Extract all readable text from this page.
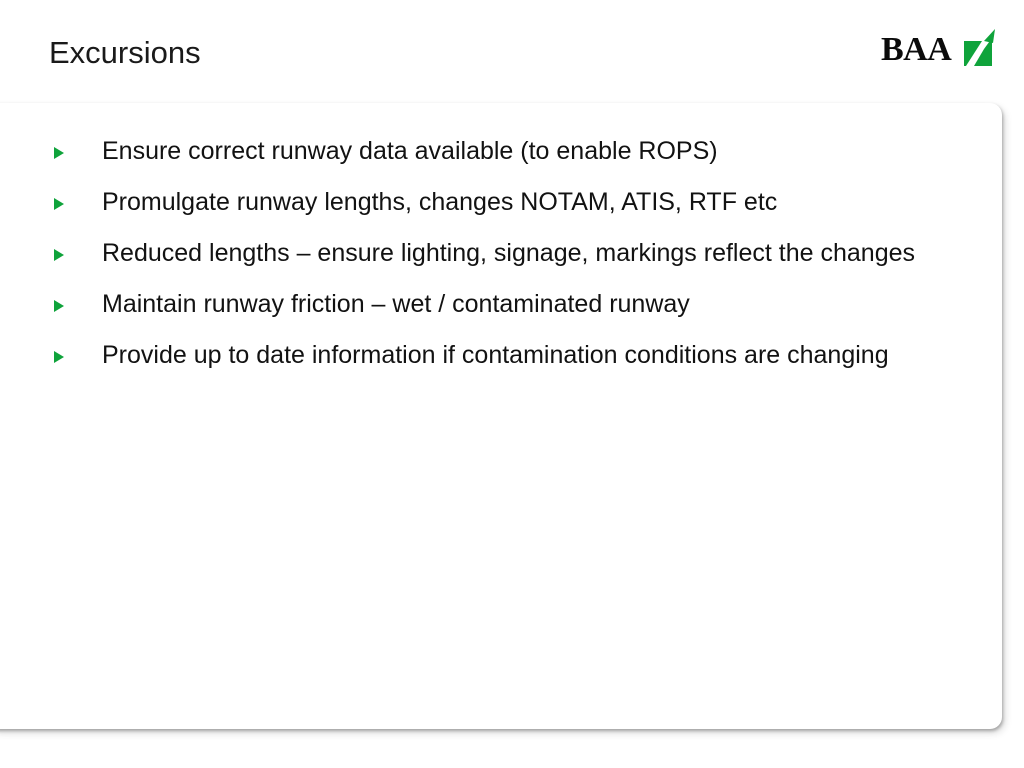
Excursions	BAA
Ensure correct runway data available (to enable ROPS)
Promulgate runway lengths, changes NOTAM, ATIS, RTF etc
Reduced lengths – ensure lighting, signage, markings reflect the changes
Maintain runway friction – wet / contaminated runway
Provide up to date information if contamination conditions are changing
